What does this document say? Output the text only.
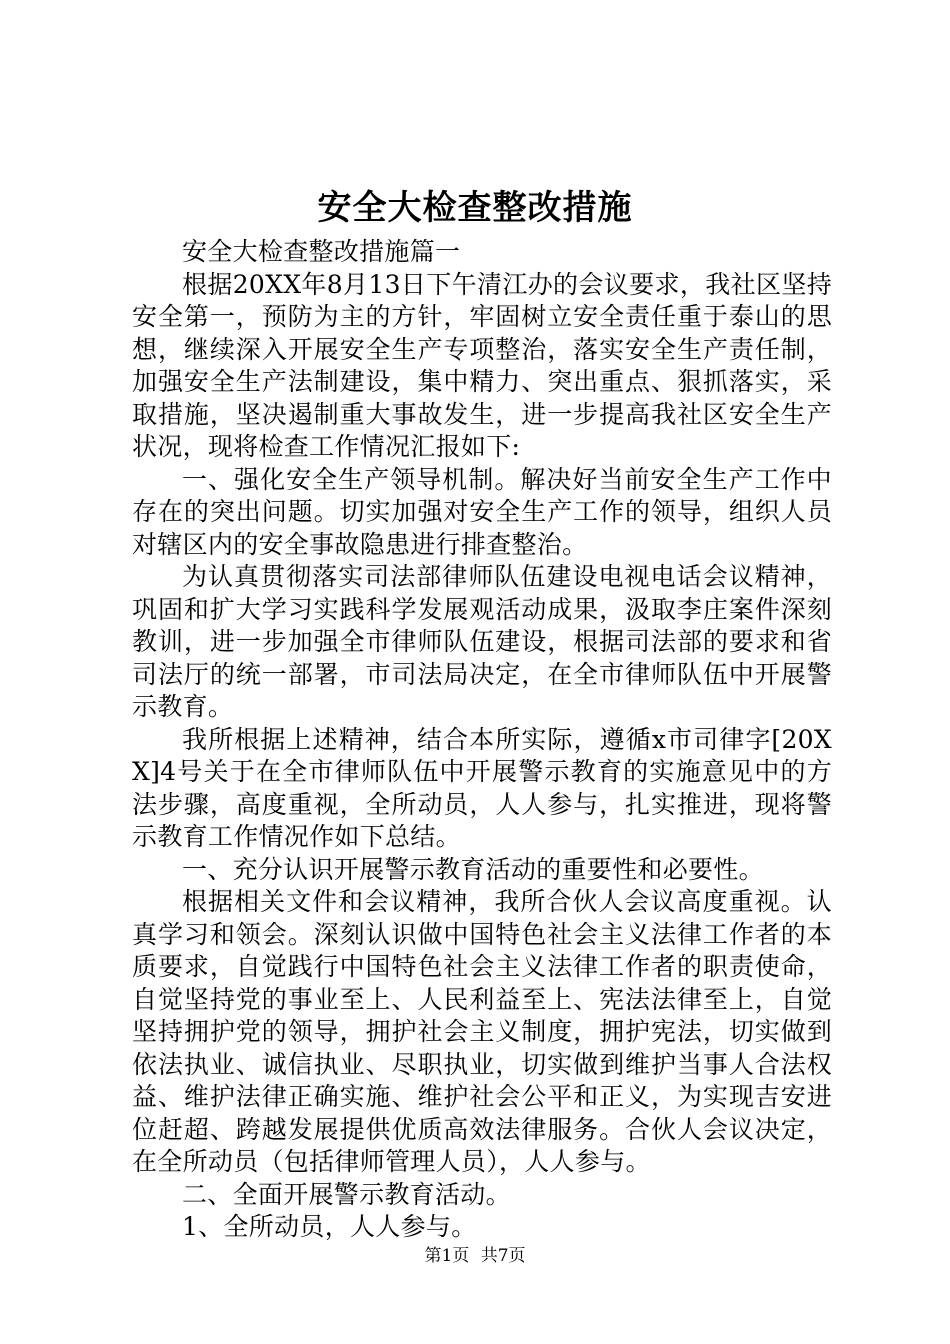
安全大检查整改措施

安全大检查整改措施篇一

根据20XX年8月13日下午清江办的会议要求，我社区坚持安全第一，预防为主的方针，牢固树立安全责任重于泰山的思想，继续深入开展安全生产专项整治，落实安全生产责任制，加强安全生产法制建设，集中精力、突出重点、狠抓落实，采取措施，坚决遏制重大事故发生，进一步提高我社区安全生产状况，现将检查工作情况汇报如下:

一、强化安全生产领导机制。解决好当前安全生产工作中存在的突出问题。切实加强对安全生产工作的领导，组织人员对辖区内的安全事故隐患进行排查整治。

为认真贯彻落实司法部律师队伍建设电视电话会议精神，巩固和扩大学习实践科学发展观活动成果，汲取李庄案件深刻教训，进一步加强全市律师队伍建设，根据司法部的要求和省司法厅的统一部署，市司法局决定，在全市律师队伍中开展警示教育。

我所根据上述精神，结合本所实际，遵循x市司律字[20XX]4号关于在全市律师队伍中开展警示教育的实施意见中的方法步骤，高度重视，全所动员，人人参与，扎实推进，现将警示教育工作情况作如下总结。

一、充分认识开展警示教育活动的重要性和必要性。

根据相关文件和会议精神，我所合伙人会议高度重视。认真学习和领会。深刻认识做中国特色社会主义法律工作者的本质要求，自觉践行中国特色社会主义法律工作者的职责使命，自觉坚持党的事业至上、人民利益至上、宪法法律至上，自觉坚持拥护党的领导，拥护社会主义制度，拥护宪法，切实做到依法执业、诚信执业、尽职执业，切实做到维护当事人合法权益、维护法律正确实施、维护社会公平和正义，为实现吉安进位赶超、跨越发展提供优质高效法律服务。合伙人会议决定，在全所动员（包括律师管理人员），人人参与。

二、全面开展警示教育活动。

1、全所动员，人人参与。

第1页 共7页
